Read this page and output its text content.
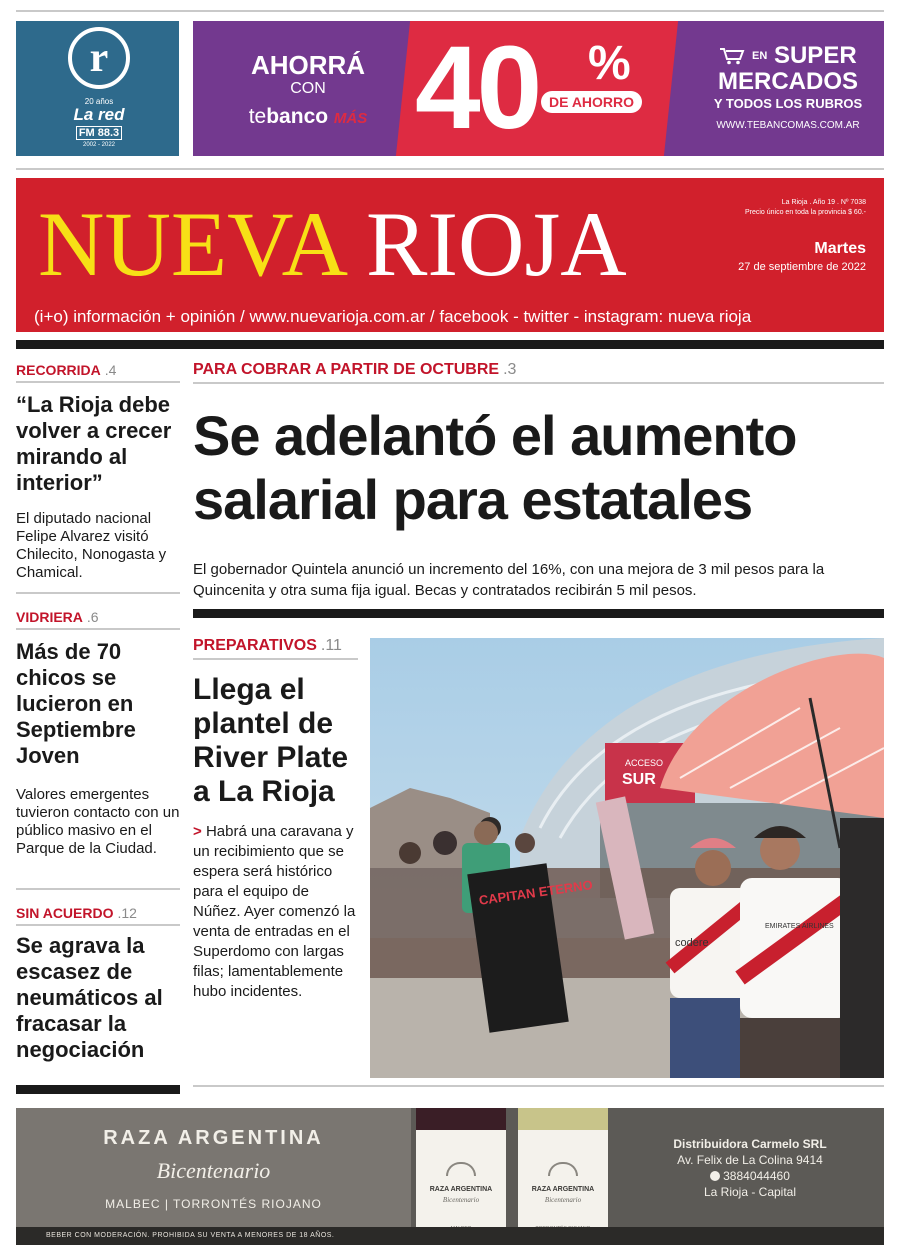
r
20 años
La red
FM 88.3
2002 - 2022
AHORRÁ
CON
tebanco MÁS 40	%
DE AHORRO
$^{EN}$ SUPER
MERCADOS
Y TODOS LOS RUBROS
WWW.TEBANCOMAS.COM.AR
NUEVA RIOJA	La Rioja . Año 19 . Nº 7038
Precio único en toda la provincia $ 60.-
Martes
27 de septiembre de 2022
(i+o) información + opinión / www.nuevarioja.com.ar / facebook - twitter - instagram: nueva rioja
RECORRIDA .4
“La Rioja debe volver a crecer mirando al interior”
El diputado nacional Felipe Alvarez visitó Chilecito, Nonogasta y Chamical.
VIDRIERA .6
Más de 70 chicos se lucieron en Septiembre Joven
Valores emergentes tuvieron contacto con un público masivo en el Parque de la Ciudad.
SIN ACUERDO .12
Se agrava la escasez de neumáticos al fracasar la negociación
PARA COBRAR A PARTIR DE OCTUBRE .3
Se adelantó el aumento salarial para estatales
El gobernador Quintela anunció un incremento del 16%, con una mejora de 3 mil pesos para la Quincenita y otra suma fija igual. Becas y contratados recibirán 5 mil pesos.
PREPARATIVOS .11
Llega el plantel de River Plate a La Rioja
> Habrá una caravana y un recibimiento que se espera será histórico para el equipo de Núñez. Ayer comenzó la venta de entradas en el Superdomo con largas filas; lamentablemente hubo incidentes.
ACCESO
SUR
CAPITAN ETERNO
codere
EMIRATES AIRLINES
RAZA ARGENTINA
Bicentenario
MALBEC | TORRONTÉS RIOJANO
RAZA ARGENTINA
Bicentenario
RAZA ARGENTINA
Bicentenario
Distribuidora Carmelo SRL
Av. Felix de La Colina 9414
3884044460
La Rioja - Capital
BEBER CON MODERACIÓN. PROHIBIDA SU VENTA A MENORES DE 18 AÑOS.
